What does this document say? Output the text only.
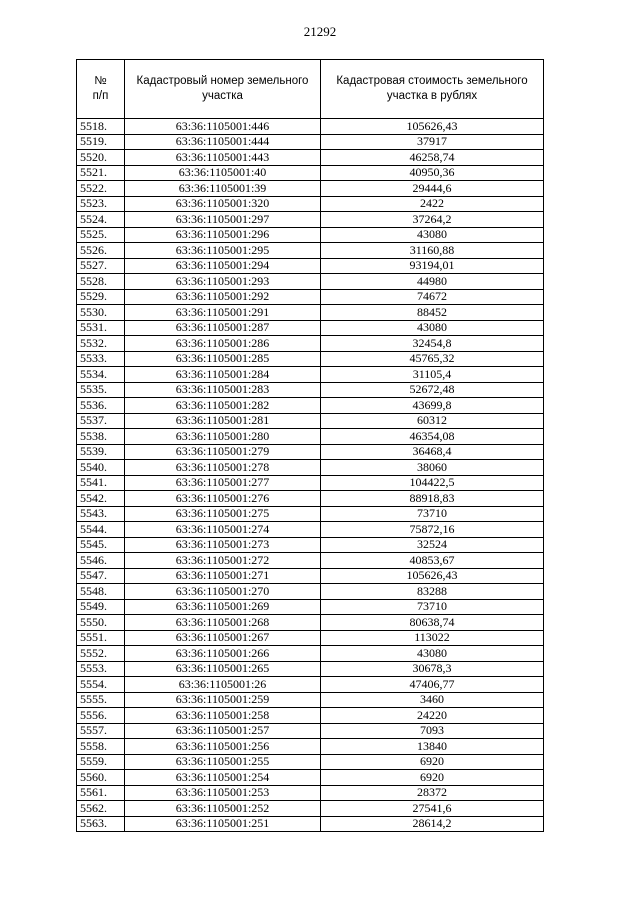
21292
№
п/п	Кадастровый номер земельного участка	Кадастровая стоимость земельного участка в рублях
5518.	63:36:1105001:446	105626,43
5519.	63:36:1105001:444	37917
5520.	63:36:1105001:443	46258,74
5521.	63:36:1105001:40	40950,36
5522.	63:36:1105001:39	29444,6
5523.	63:36:1105001:320	2422
5524.	63:36:1105001:297	37264,2
5525.	63:36:1105001:296	43080
5526.	63:36:1105001:295	31160,88
5527.	63:36:1105001:294	93194,01
5528.	63:36:1105001:293	44980
5529.	63:36:1105001:292	74672
5530.	63:36:1105001:291	88452
5531.	63:36:1105001:287	43080
5532.	63:36:1105001:286	32454,8
5533.	63:36:1105001:285	45765,32
5534.	63:36:1105001:284	31105,4
5535.	63:36:1105001:283	52672,48
5536.	63:36:1105001:282	43699,8
5537.	63:36:1105001:281	60312
5538.	63:36:1105001:280	46354,08
5539.	63:36:1105001:279	36468,4
5540.	63:36:1105001:278	38060
5541.	63:36:1105001:277	104422,5
5542.	63:36:1105001:276	88918,83
5543.	63:36:1105001:275	73710
5544.	63:36:1105001:274	75872,16
5545.	63:36:1105001:273	32524
5546.	63:36:1105001:272	40853,67
5547.	63:36:1105001:271	105626,43
5548.	63:36:1105001:270	83288
5549.	63:36:1105001:269	73710
5550.	63:36:1105001:268	80638,74
5551.	63:36:1105001:267	113022
5552.	63:36:1105001:266	43080
5553.	63:36:1105001:265	30678,3
5554.	63:36:1105001:26	47406,77
5555.	63:36:1105001:259	3460
5556.	63:36:1105001:258	24220
5557.	63:36:1105001:257	7093
5558.	63:36:1105001:256	13840
5559.	63:36:1105001:255	6920
5560.	63:36:1105001:254	6920
5561.	63:36:1105001:253	28372
5562.	63:36:1105001:252	27541,6
5563.	63:36:1105001:251	28614,2
